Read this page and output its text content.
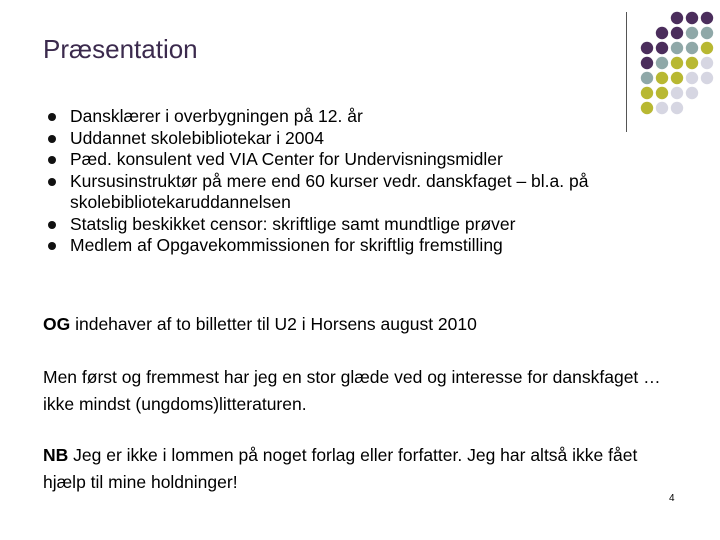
Præsentation
Dansklærer i overbygningen på 12. år
Uddannet skolebibliotekar i 2004
Pæd. konsulent ved VIA Center for Undervisningsmidler
Kursusinstruktør på mere end 60 kurser vedr. danskfaget – bl.a. på skolebibliotekaruddannelsen
Statslig beskikket censor: skriftlige samt mundtlige prøver
Medlem af Opgavekommissionen for skriftlig fremstilling
OG indehaver af to billetter til U2 i Horsens august 2010
Men først og fremmest har jeg en stor glæde ved og interesse for danskfaget … ikke mindst (ungdoms)litteraturen.
NB Jeg er ikke i lommen på noget forlag eller forfatter. Jeg har altså ikke fået hjælp til mine holdninger!
4
